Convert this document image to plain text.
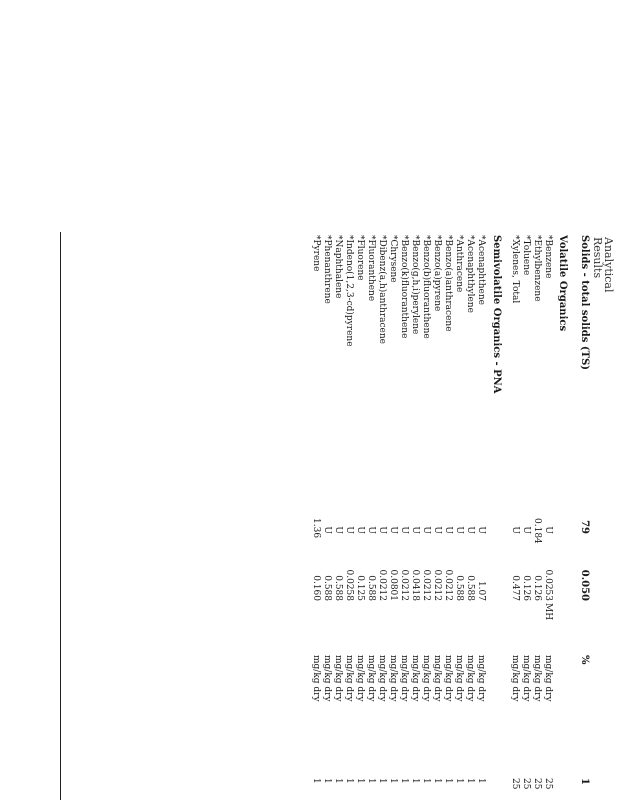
Analytical Results
Solids - total solids (TS)
79
0.050
%
1
Volatile Organics
*Benzene
U
0.0253
MH
mg/kg dry
25
*Ethylbenzene
0.184
0.126
mg/kg dry
25
*Toluene
U
0.126
mg/kg dry
25
*Xylenes, Total
U
0.477
mg/kg dry
25
Semivolatile Organics - PNA
*Acenaphthene
U
1.07
mg/kg dry
1
*Acenaphthylene
U
0.588
mg/kg dry
1
*Anthracene
U
0.588
mg/kg dry
1
*Benzo(a)anthracene
U
0.0212
mg/kg dry
1
*Benzo(a)pyrene
U
0.0212
mg/kg dry
1
*Benzo(b)fluoranthene
U
0.0212
mg/kg dry
1
*Benzo(g,h,i)perylene
U
0.0418
mg/kg dry
1
*Benzo(k)fluoranthene
U
0.0212
mg/kg dry
1
*Chrysene
U
0.0801
mg/kg dry
1
*Dibenz(a,h)anthracene
U
0.0212
mg/kg dry
1
*Fluoranthene
U
0.588
mg/kg dry
1
*Fluorene
U
0.125
mg/kg dry
1
*Indeno(1,2,3-cd)pyrene
U
0.0258
mg/kg dry
1
*Naphthalene
U
0.588
mg/kg dry
1
*Phenanthrene
U
0.588
mg/kg dry
1
*Pyrene
1.36
0.160
mg/kg dry
1
